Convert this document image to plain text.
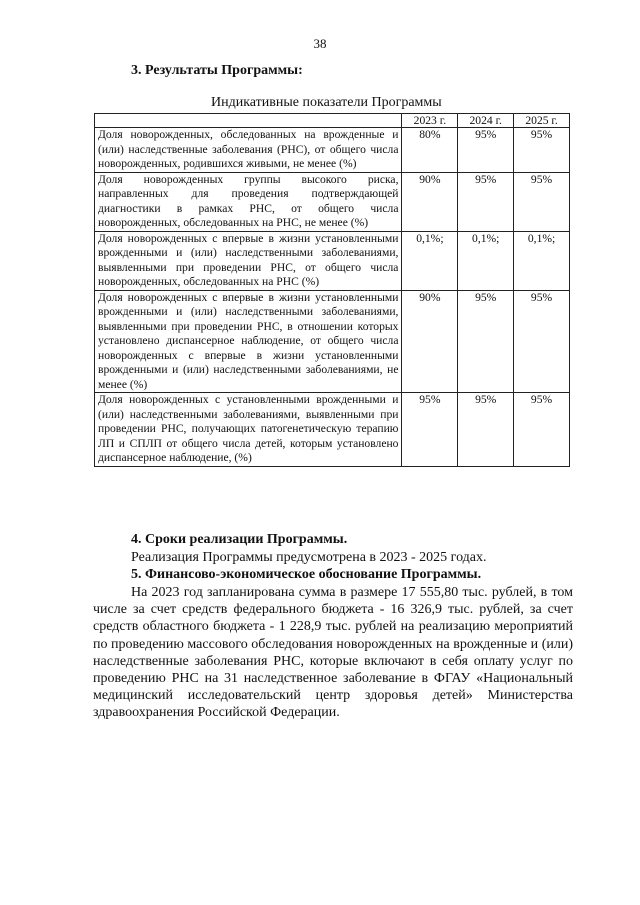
38
3. Результаты Программы:
Индикативные показатели Программы
	2023 г.	2024 г.	2025 г.
Доля новорожденных, обследованных на врожденные и (или) наследственные заболевания (РНС), от общего числа новорожденных, родившихся живыми, не менее (%)	80%	95%	95%
Доля новорожденных группы высокого риска, направленных для проведения подтверждающей диагностики в рамках РНС, от общего числа новорожденных, обследованных на РНС, не менее (%)	90%	95%	95%
Доля новорожденных с впервые в жизни установленными врожденными и (или) наследственными заболеваниями, выявленными при проведении РНС, от общего числа новорожденных, обследованных на РНС (%)	0,1%;	0,1%;	0,1%;
Доля новорожденных с впервые в жизни установленными врожденными и (или) наследственными заболеваниями, выявленными при проведении РНС, в отношении которых установлено диспансерное наблюдение, от общего числа новорожденных с впервые в жизни установленными врожденными и (или) наследственными заболеваниями, не менее (%)	90%	95%	95%
Доля новорожденных с установленными врожденными и (или) наследственными заболеваниями, выявленными при проведении РНС, получающих патогенетическую терапию ЛП и СПЛП от общего числа детей, которым установлено диспансерное наблюдение, (%)	95%	95%	95%
4. Сроки реализации Программы.
Реализация Программы предусмотрена в 2023 - 2025 годах.
5. Финансово-экономическое обоснование Программы.

На 2023 год запланирована сумма в размере 17 555,80 тыс. рублей, в том числе за счет средств федерального бюджета - 16 326,9 тыс. рублей, за счет средств областного бюджета - 1 228,9 тыс. рублей на реализацию мероприятий по проведению массового обследования новорожденных на врожденные и (или) наследственные заболевания РНС, которые включают в себя оплату услуг по проведению РНС на 31 наследственное заболевание в ФГАУ «Национальный медицинский исследовательский центр здоровья детей» Министерства здравоохранения Российской Федерации.
